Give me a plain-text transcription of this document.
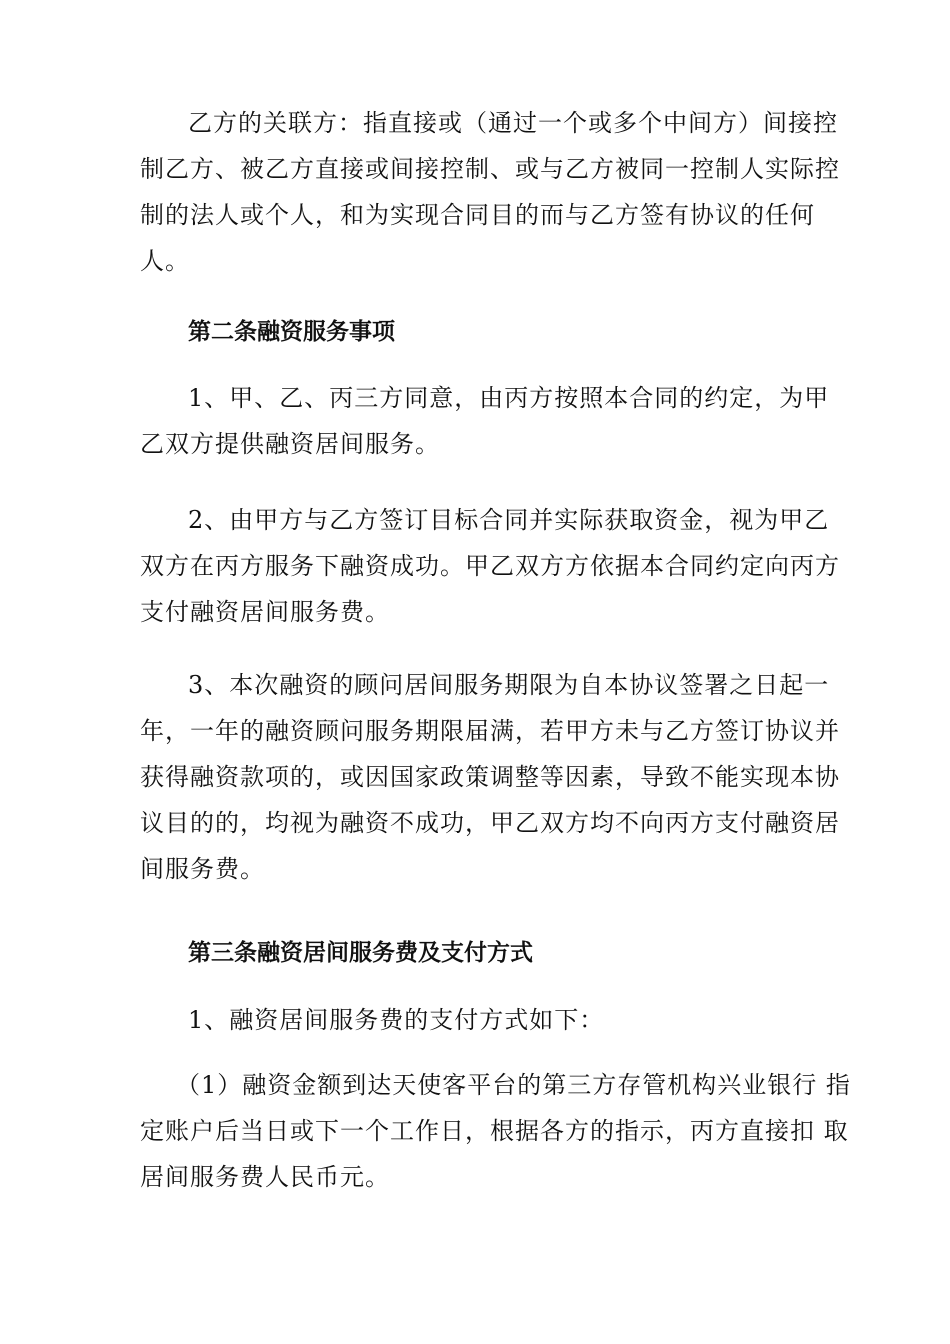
乙方的关联方：指直接或（通过一个或多个中间方）间接控
制乙方、被乙方直接或间接控制、或与乙方被同一控制人实际控
制的法人或个人，和为实现合同目的而与乙方签有协议的任何
人。
第二条融资服务事项
1、甲、乙、丙三方同意，由丙方按照本合同的约定，为甲
乙双方提供融资居间服务。
2、由甲方与乙方签订目标合同并实际获取资金，视为甲乙
双方在丙方服务下融资成功。甲乙双方方依据本合同约定向丙方
支付融资居间服务费。
3、本次融资的顾问居间服务期限为自本协议签署之日起一
年，一年的融资顾问服务期限届满，若甲方未与乙方签订协议并
获得融资款项的，或因国家政策调整等因素，导致不能实现本协
议目的的，均视为融资不成功，甲乙双方均不向丙方支付融资居
间服务费。
第三条融资居间服务费及支付方式
1、融资居间服务费的支付方式如下：
（1）融资金额到达天使客平台的第三方存管机构兴业银行 指
定账户后当日或下一个工作日，根据各方的指示，丙方直接扣 取
居间服务费人民币元。
